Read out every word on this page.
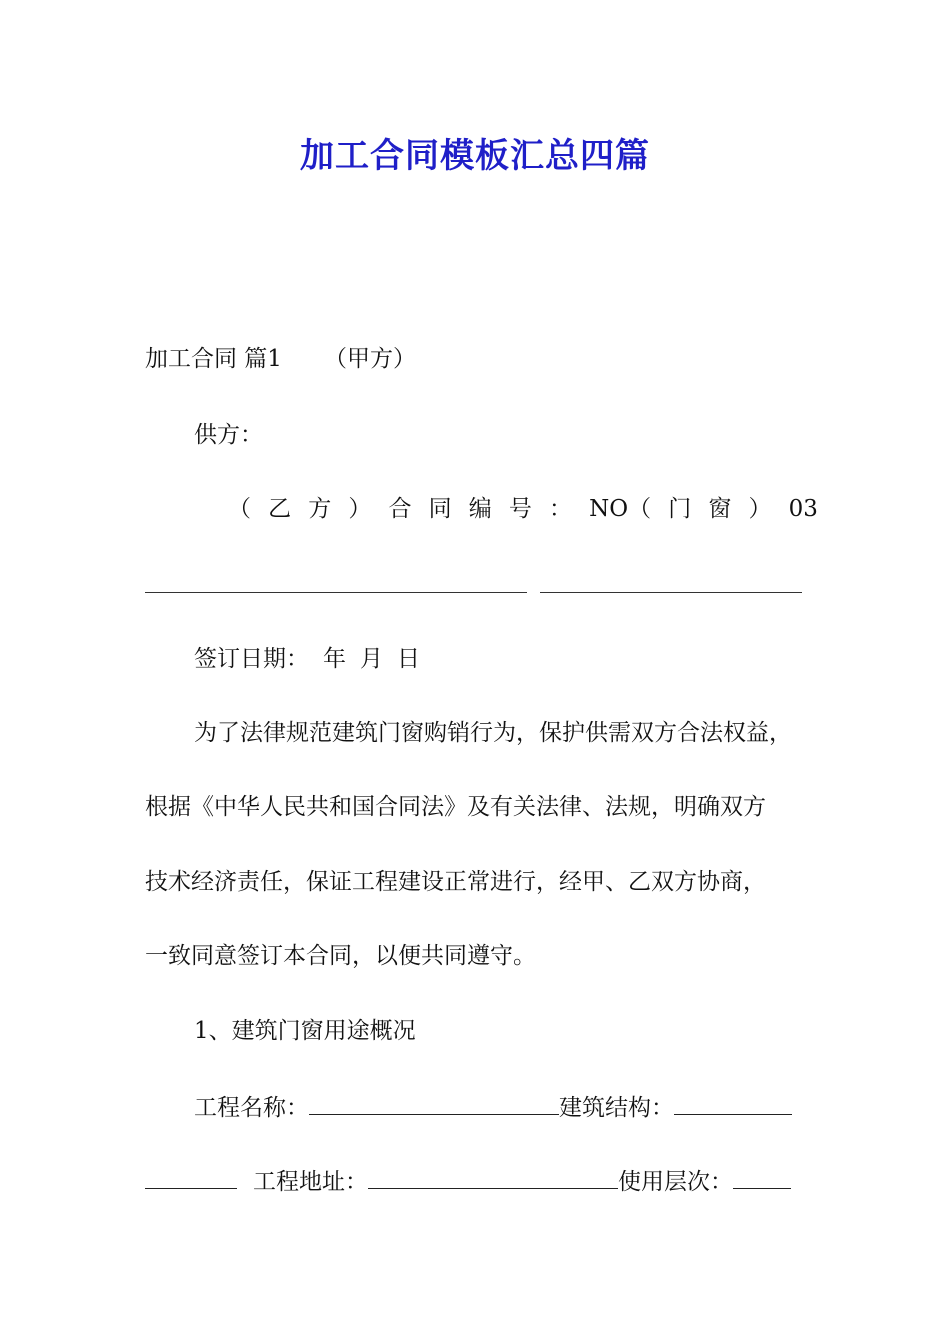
加工合同模板汇总四篇
加工合同 篇1 （甲方）
供方：
（ 乙 方 ） 合 同 编 号 ： NO（ 门 窗 ） 03
签订日期： 年 月 日
为了法律规范建筑门窗购销行为，保护供需双方合法权益，
根据《中华人民共和国合同法》及有关法律、法规，明确双方
技术经济责任，保证工程建设正常进行，经甲、乙双方协商，
一致同意签订本合同，以便共同遵守。
1、建筑门窗用途概况
工程名称：	建筑结构：
工程地址：	使用层次：
